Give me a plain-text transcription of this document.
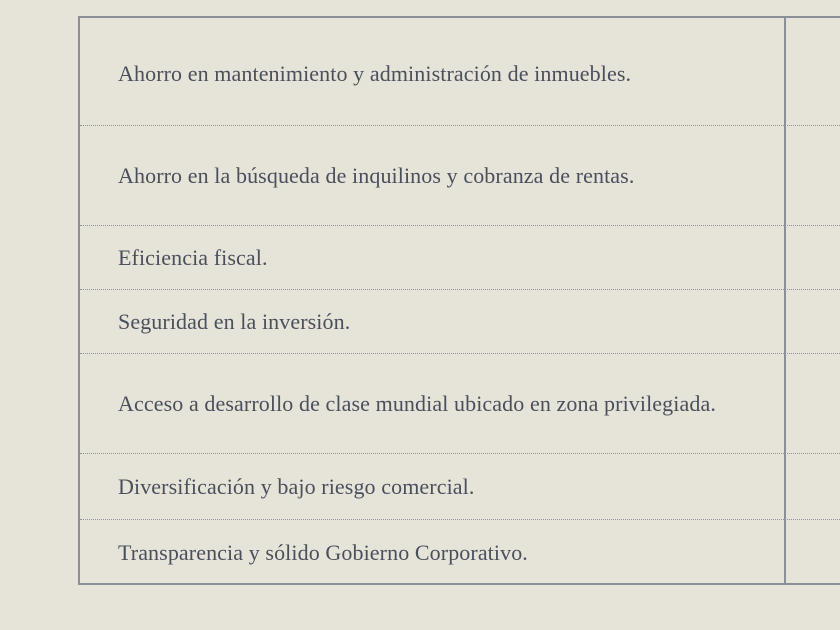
Ahorro en mantenimiento y administración de inmuebles.
Ahorro en la búsqueda de inquilinos y cobranza de rentas.
Eficiencia fiscal.
Seguridad en la inversión.
Acceso a desarrollo de clase mundial ubicado en zona privilegiada.
Diversificación y bajo riesgo comercial.
Transparencia y sólido Gobierno Corporativo.
